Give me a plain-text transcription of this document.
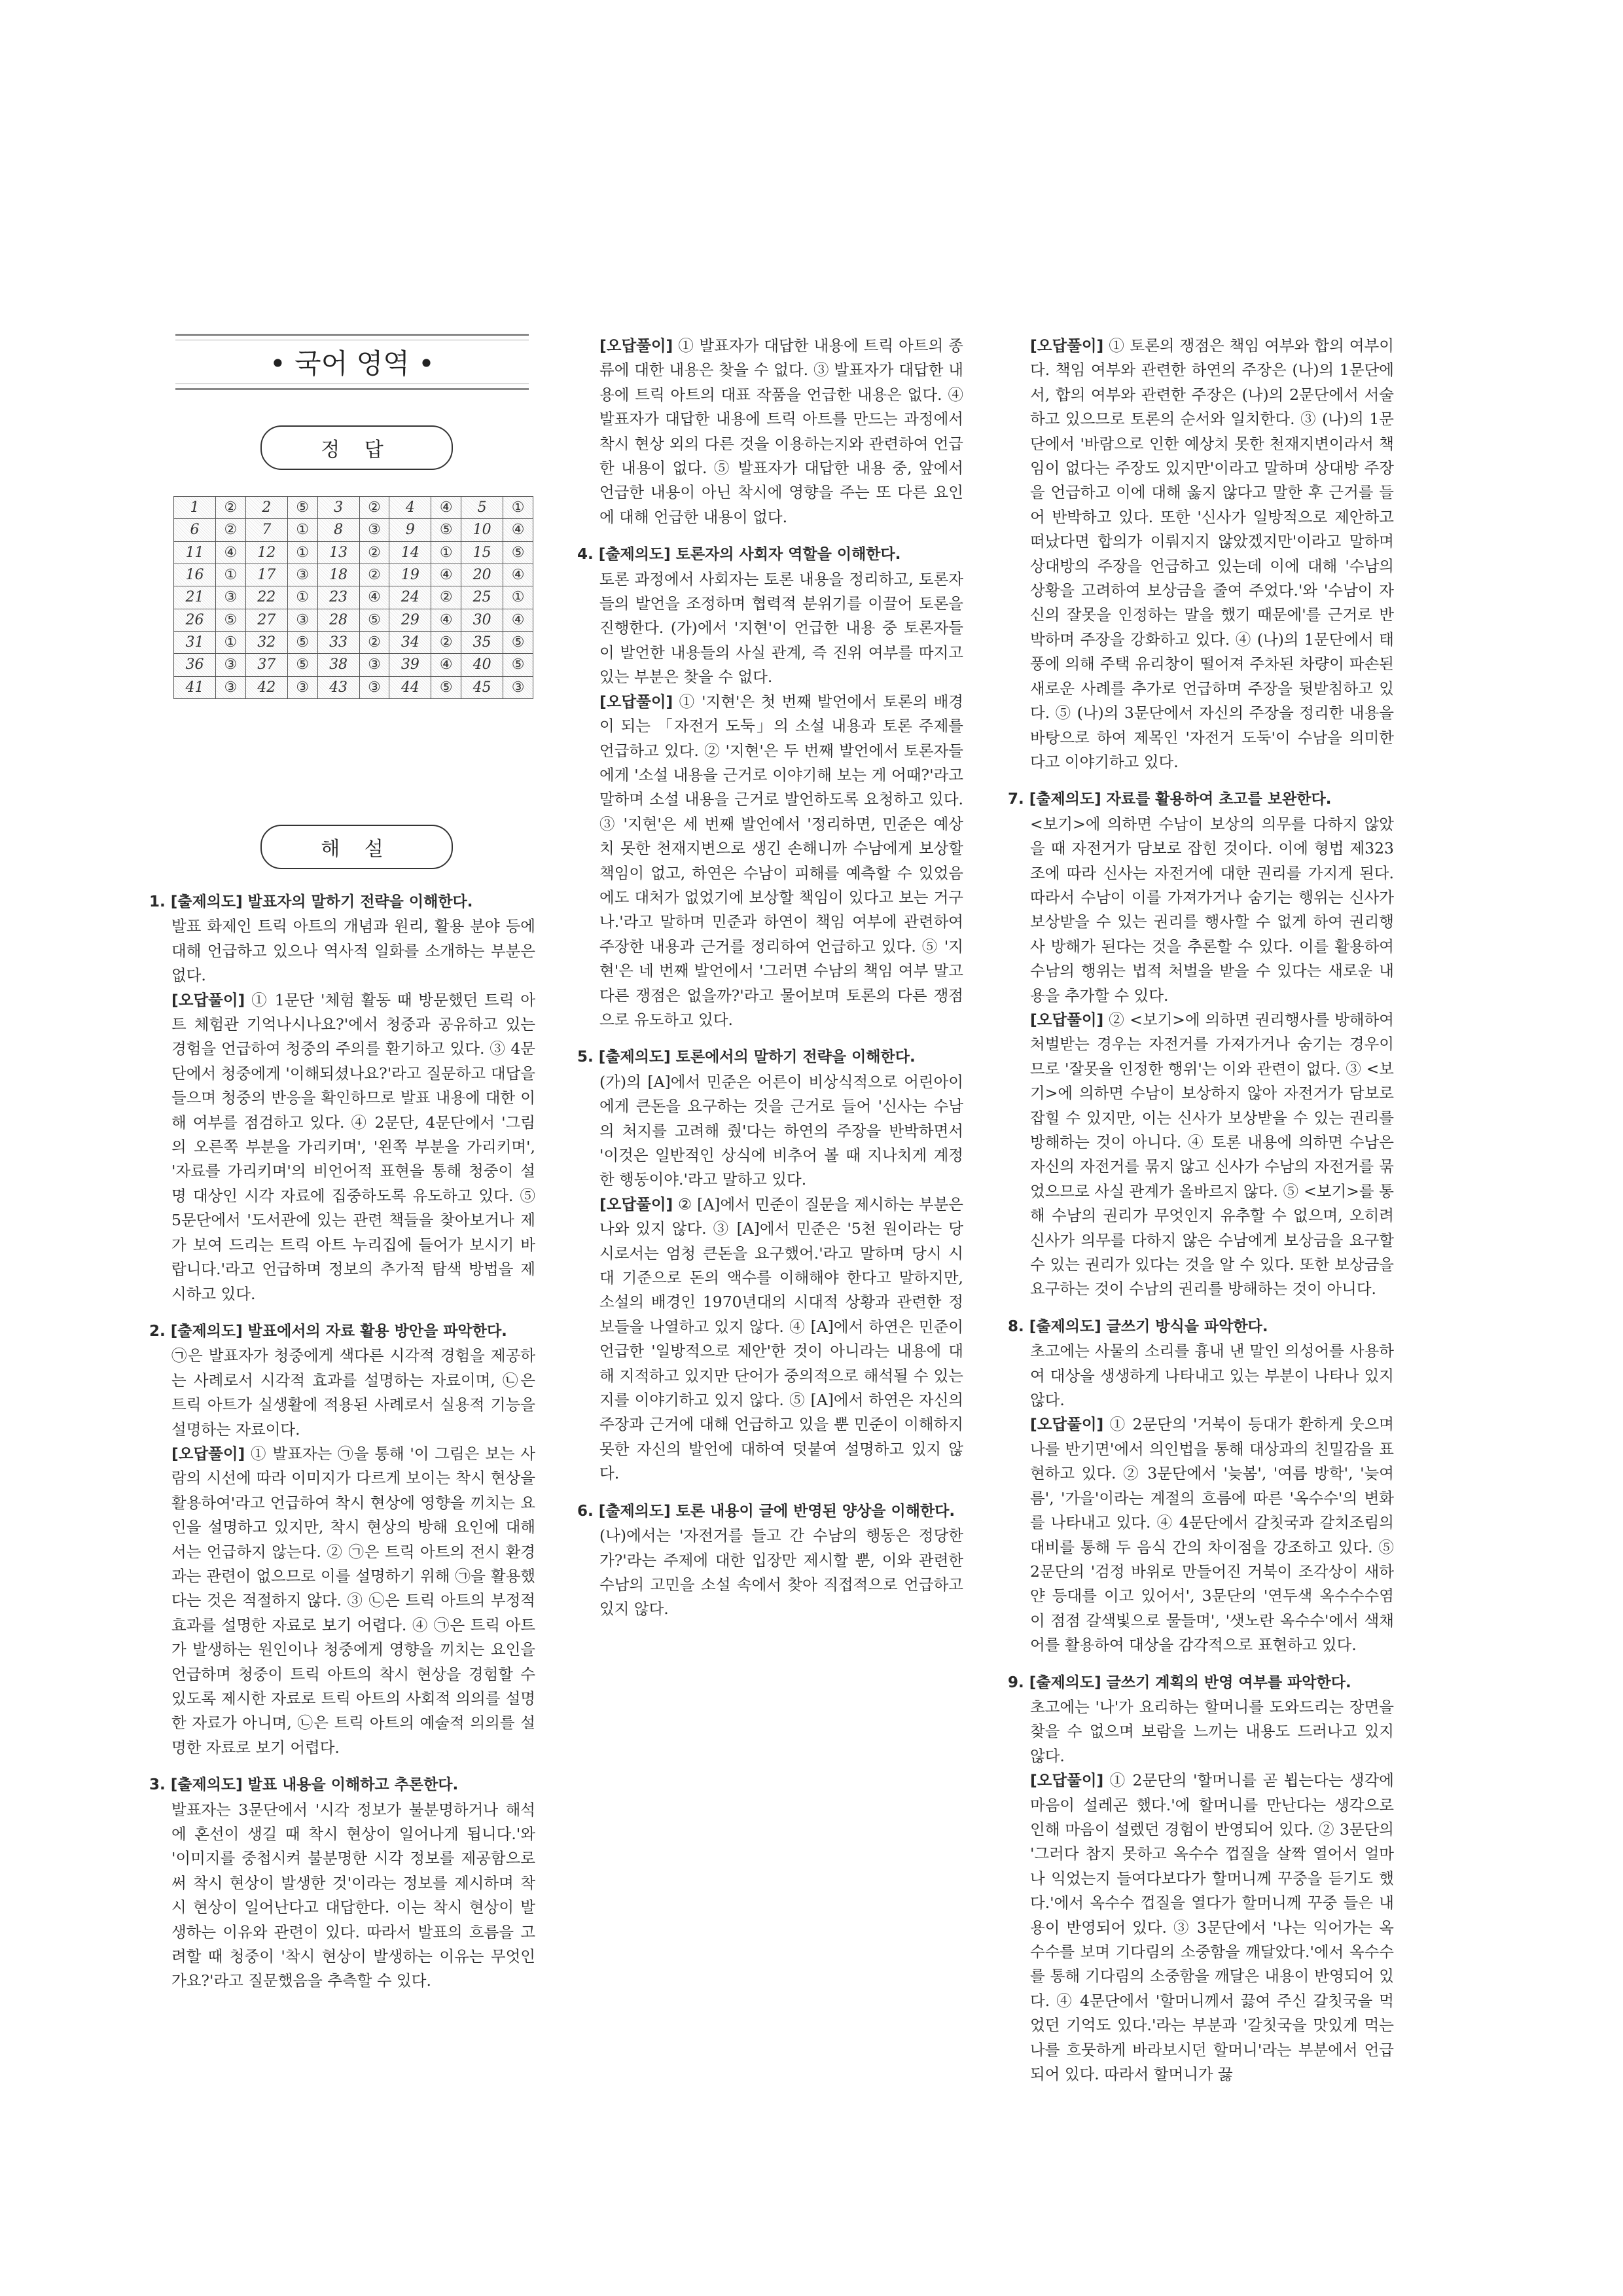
• 국어 영역 •
정 답
1	②	2	⑤	3	②	4	④	5	①
6	②	7	①	8	③	9	⑤	10	④
11	④	12	①	13	②	14	①	15	⑤
16	①	17	③	18	②	19	④	20	④
21	③	22	①	23	④	24	②	25	①
26	⑤	27	③	28	⑤	29	④	30	④
31	①	32	⑤	33	②	34	②	35	⑤
36	③	37	⑤	38	③	39	④	40	⑤
41	③	42	③	43	③	44	⑤	45	③
해 설

1. [출제의도] 발표자의 말하기 전략을 이해한다.

발표 화제인 트릭 아트의 개념과 원리, 활용 분야 등에 대해 언급하고 있으나 역사적 일화를 소개하는 부분은 없다.

[오답풀이] ① 1문단 '체험 활동 때 방문했던 트릭 아트 체험관 기억나시나요?'에서 청중과 공유하고 있는 경험을 언급하여 청중의 주의를 환기하고 있다. ③ 4문단에서 청중에게 '이해되셨나요?'라고 질문하고 대답을 들으며 청중의 반응을 확인하므로 발표 내용에 대한 이해 여부를 점검하고 있다. ④ 2문단, 4문단에서 '그림의 오른쪽 부분을 가리키며', '왼쪽 부분을 가리키며', '자료를 가리키며'의 비언어적 표현을 통해 청중이 설명 대상인 시각 자료에 집중하도록 유도하고 있다. ⑤ 5문단에서 '도서관에 있는 관련 책들을 찾아보거나 제가 보여 드리는 트릭 아트 누리집에 들어가 보시기 바랍니다.'라고 언급하며 정보의 추가적 탐색 방법을 제시하고 있다.

2. [출제의도] 발표에서의 자료 활용 방안을 파악한다.

㉠은 발표자가 청중에게 색다른 시각적 경험을 제공하는 사례로서 시각적 효과를 설명하는 자료이며, ㉡은 트릭 아트가 실생활에 적용된 사례로서 실용적 기능을 설명하는 자료이다.

[오답풀이] ① 발표자는 ㉠을 통해 '이 그림은 보는 사람의 시선에 따라 이미지가 다르게 보이는 착시 현상을 활용하여'라고 언급하여 착시 현상에 영향을 끼치는 요인을 설명하고 있지만, 착시 현상의 방해 요인에 대해서는 언급하지 않는다. ② ㉠은 트릭 아트의 전시 환경과는 관련이 없으므로 이를 설명하기 위해 ㉠을 활용했다는 것은 적절하지 않다. ③ ㉡은 트릭 아트의 부정적 효과를 설명한 자료로 보기 어렵다. ④ ㉠은 트릭 아트가 발생하는 원인이나 청중에게 영향을 끼치는 요인을 언급하며 청중이 트릭 아트의 착시 현상을 경험할 수 있도록 제시한 자료로 트릭 아트의 사회적 의의를 설명한 자료가 아니며, ㉡은 트릭 아트의 예술적 의의를 설명한 자료로 보기 어렵다.

3. [출제의도] 발표 내용을 이해하고 추론한다.

발표자는 3문단에서 '시각 정보가 불분명하거나 해석에 혼선이 생길 때 착시 현상이 일어나게 됩니다.'와 '이미지를 중첩시켜 불분명한 시각 정보를 제공함으로써 착시 현상이 발생한 것'이라는 정보를 제시하며 착시 현상이 일어난다고 대답한다. 이는 착시 현상이 발생하는 이유와 관련이 있다. 따라서 발표의 흐름을 고려할 때 청중이 '착시 현상이 발생하는 이유는 무엇인가요?'라고 질문했음을 추측할 수 있다.

[오답풀이] ① 발표자가 대답한 내용에 트릭 아트의 종류에 대한 내용은 찾을 수 없다. ③ 발표자가 대답한 내용에 트릭 아트의 대표 작품을 언급한 내용은 없다. ④ 발표자가 대답한 내용에 트릭 아트를 만드는 과정에서 착시 현상 외의 다른 것을 이용하는지와 관련하여 언급한 내용이 없다. ⑤ 발표자가 대답한 내용 중, 앞에서 언급한 내용이 아닌 착시에 영향을 주는 또 다른 요인에 대해 언급한 내용이 없다.

4. [출제의도] 토론자의 사회자 역할을 이해한다.

토론 과정에서 사회자는 토론 내용을 정리하고, 토론자들의 발언을 조정하며 협력적 분위기를 이끌어 토론을 진행한다. (가)에서 '지현'이 언급한 내용 중 토론자들이 발언한 내용들의 사실 관계, 즉 진위 여부를 따지고 있는 부분은 찾을 수 없다.

[오답풀이] ① '지현'은 첫 번째 발언에서 토론의 배경이 되는 「자전거 도둑」의 소설 내용과 토론 주제를 언급하고 있다. ② '지현'은 두 번째 발언에서 토론자들에게 '소설 내용을 근거로 이야기해 보는 게 어때?'라고 말하며 소설 내용을 근거로 발언하도록 요청하고 있다. ③ '지현'은 세 번째 발언에서 '정리하면, 민준은 예상치 못한 천재지변으로 생긴 손해니까 수남에게 보상할 책임이 없고, 하연은 수남이 피해를 예측할 수 있었음에도 대처가 없었기에 보상할 책임이 있다고 보는 거구나.'라고 말하며 민준과 하연이 책임 여부에 관련하여 주장한 내용과 근거를 정리하여 언급하고 있다. ⑤ '지현'은 네 번째 발언에서 '그러면 수남의 책임 여부 말고 다른 쟁점은 없을까?'라고 물어보며 토론의 다른 쟁점으로 유도하고 있다.

5. [출제의도] 토론에서의 말하기 전략을 이해한다.

(가)의 [A]에서 민준은 어른이 비상식적으로 어린아이에게 큰돈을 요구하는 것을 근거로 들어 '신사는 수남의 처지를 고려해 줬'다는 하연의 주장을 반박하면서 '이것은 일반적인 상식에 비추어 볼 때 지나치게 계정한 행동이야.'라고 말하고 있다.

[오답풀이] ② [A]에서 민준이 질문을 제시하는 부분은 나와 있지 않다. ③ [A]에서 민준은 '5천 원이라는 당시로서는 엄청 큰돈을 요구했어.'라고 말하며 당시 시대 기준으로 돈의 액수를 이해해야 한다고 말하지만, 소설의 배경인 1970년대의 시대적 상황과 관련한 정보들을 나열하고 있지 않다. ④ [A]에서 하연은 민준이 언급한 '일방적으로 제안'한 것이 아니라는 내용에 대해 지적하고 있지만 단어가 중의적으로 해석될 수 있는지를 이야기하고 있지 않다. ⑤ [A]에서 하연은 자신의 주장과 근거에 대해 언급하고 있을 뿐 민준이 이해하지 못한 자신의 발언에 대하여 덧붙여 설명하고 있지 않다.

6. [출제의도] 토론 내용이 글에 반영된 양상을 이해한다.

(나)에서는 '자전거를 들고 간 수남의 행동은 정당한가?'라는 주제에 대한 입장만 제시할 뿐, 이와 관련한 수남의 고민을 소설 속에서 찾아 직접적으로 언급하고 있지 않다.

[오답풀이] ① 토론의 쟁점은 책임 여부와 합의 여부이다. 책임 여부와 관련한 하연의 주장은 (나)의 1문단에서, 합의 여부와 관련한 주장은 (나)의 2문단에서 서술하고 있으므로 토론의 순서와 일치한다. ③ (나)의 1문단에서 '바람으로 인한 예상치 못한 천재지변이라서 책임이 없다는 주장도 있지만'이라고 말하며 상대방 주장을 언급하고 이에 대해 옳지 않다고 말한 후 근거를 들어 반박하고 있다. 또한 '신사가 일방적으로 제안하고 떠났다면 합의가 이뤄지지 않았겠지만'이라고 말하며 상대방의 주장을 언급하고 있는데 이에 대해 '수남의 상황을 고려하여 보상금을 줄여 주었다.'와 '수남이 자신의 잘못을 인정하는 말을 했기 때문에'를 근거로 반박하며 주장을 강화하고 있다. ④ (나)의 1문단에서 태풍에 의해 주택 유리창이 떨어져 주차된 차량이 파손된 새로운 사례를 추가로 언급하며 주장을 뒷받침하고 있다. ⑤ (나)의 3문단에서 자신의 주장을 정리한 내용을 바탕으로 하여 제목인 '자전거 도둑'이 수남을 의미한다고 이야기하고 있다.

7. [출제의도] 자료를 활용하여 초고를 보완한다.

<보기>에 의하면 수남이 보상의 의무를 다하지 않았을 때 자전거가 담보로 잡힌 것이다. 이에 형법 제323조에 따라 신사는 자전거에 대한 권리를 가지게 된다. 따라서 수남이 이를 가져가거나 숨기는 행위는 신사가 보상받을 수 있는 권리를 행사할 수 없게 하여 권리행사 방해가 된다는 것을 추론할 수 있다. 이를 활용하여 수남의 행위는 법적 처벌을 받을 수 있다는 새로운 내용을 추가할 수 있다.

[오답풀이] ② <보기>에 의하면 권리행사를 방해하여 처벌받는 경우는 자전거를 가져가거나 숨기는 경우이므로 '잘못을 인정한 행위'는 이와 관련이 없다. ③ <보기>에 의하면 수남이 보상하지 않아 자전거가 담보로 잡힐 수 있지만, 이는 신사가 보상받을 수 있는 권리를 방해하는 것이 아니다. ④ 토론 내용에 의하면 수남은 자신의 자전거를 묶지 않고 신사가 수남의 자전거를 묶었으므로 사실 관계가 올바르지 않다. ⑤ <보기>를 통해 수남의 권리가 무엇인지 유추할 수 없으며, 오히려 신사가 의무를 다하지 않은 수남에게 보상금을 요구할 수 있는 권리가 있다는 것을 알 수 있다. 또한 보상금을 요구하는 것이 수남의 권리를 방해하는 것이 아니다.

8. [출제의도] 글쓰기 방식을 파악한다.

초고에는 사물의 소리를 흉내 낸 말인 의성어를 사용하여 대상을 생생하게 나타내고 있는 부분이 나타나 있지 않다.

[오답풀이] ① 2문단의 '거북이 등대가 환하게 웃으며 나를 반기면'에서 의인법을 통해 대상과의 친밀감을 표현하고 있다. ② 3문단에서 '늦봄', '여름 방학', '늦여름', '가을'이라는 계절의 흐름에 따른 '옥수수'의 변화를 나타내고 있다. ④ 4문단에서 갈칫국과 갈치조림의 대비를 통해 두 음식 간의 차이점을 강조하고 있다. ⑤ 2문단의 '검정 바위로 만들어진 거북이 조각상이 새하얀 등대를 이고 있어서', 3문단의 '연두색 옥수수수염이 점점 갈색빛으로 물들며', '샛노란 옥수수'에서 색채어를 활용하여 대상을 감각적으로 표현하고 있다.

9. [출제의도] 글쓰기 계획의 반영 여부를 파악한다.

초고에는 '나'가 요리하는 할머니를 도와드리는 장면을 찾을 수 없으며 보람을 느끼는 내용도 드러나고 있지 않다.

[오답풀이] ① 2문단의 '할머니를 곧 뵙는다는 생각에 마음이 설레곤 했다.'에 할머니를 만난다는 생각으로 인해 마음이 설렜던 경험이 반영되어 있다. ② 3문단의 '그러다 참지 못하고 옥수수 껍질을 살짝 열어서 얼마나 익었는지 들여다보다가 할머니께 꾸중을 듣기도 했다.'에서 옥수수 껍질을 열다가 할머니께 꾸중 들은 내용이 반영되어 있다. ③ 3문단에서 '나는 익어가는 옥수수를 보며 기다림의 소중함을 깨달았다.'에서 옥수수를 통해 기다림의 소중함을 깨달은 내용이 반영되어 있다. ④ 4문단에서 '할머니께서 끓여 주신 갈칫국을 먹었던 기억도 있다.'라는 부분과 '갈칫국을 맛있게 먹는 나를 흐뭇하게 바라보시던 할머니'라는 부분에서 언급되어 있다. 따라서 할머니가 끓
